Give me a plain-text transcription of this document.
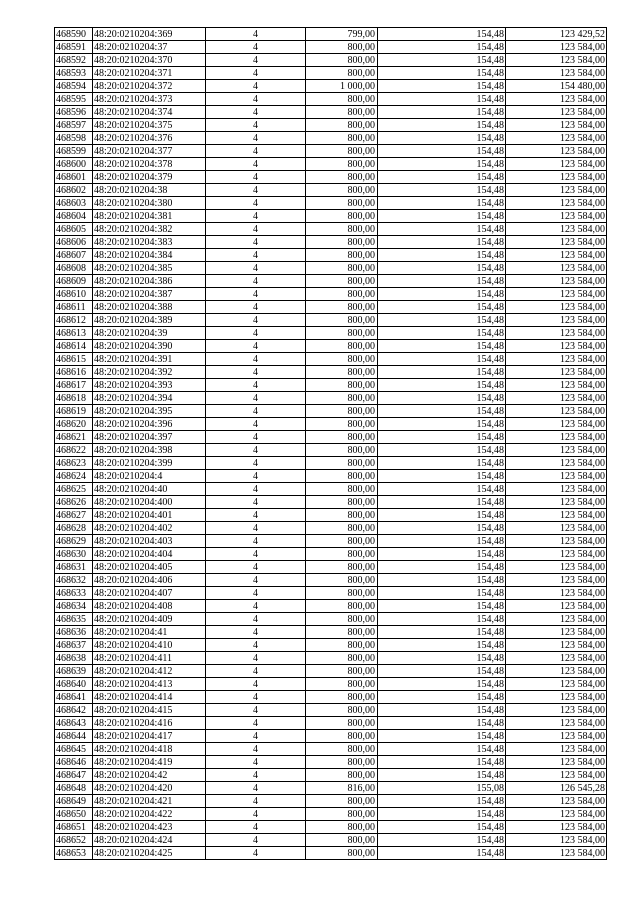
468590	48:20:0210204:369	4	799,00	154,48	123 429,52
468591	48:20:0210204:37	4	800,00	154,48	123 584,00
468592	48:20:0210204:370	4	800,00	154,48	123 584,00
468593	48:20:0210204:371	4	800,00	154,48	123 584,00
468594	48:20:0210204:372	4	1 000,00	154,48	154 480,00
468595	48:20:0210204:373	4	800,00	154,48	123 584,00
468596	48:20:0210204:374	4	800,00	154,48	123 584,00
468597	48:20:0210204:375	4	800,00	154,48	123 584,00
468598	48:20:0210204:376	4	800,00	154,48	123 584,00
468599	48:20:0210204:377	4	800,00	154,48	123 584,00
468600	48:20:0210204:378	4	800,00	154,48	123 584,00
468601	48:20:0210204:379	4	800,00	154,48	123 584,00
468602	48:20:0210204:38	4	800,00	154,48	123 584,00
468603	48:20:0210204:380	4	800,00	154,48	123 584,00
468604	48:20:0210204:381	4	800,00	154,48	123 584,00
468605	48:20:0210204:382	4	800,00	154,48	123 584,00
468606	48:20:0210204:383	4	800,00	154,48	123 584,00
468607	48:20:0210204:384	4	800,00	154,48	123 584,00
468608	48:20:0210204:385	4	800,00	154,48	123 584,00
468609	48:20:0210204:386	4	800,00	154,48	123 584,00
468610	48:20:0210204:387	4	800,00	154,48	123 584,00
468611	48:20:0210204:388	4	800,00	154,48	123 584,00
468612	48:20:0210204:389	4	800,00	154,48	123 584,00
468613	48:20:0210204:39	4	800,00	154,48	123 584,00
468614	48:20:0210204:390	4	800,00	154,48	123 584,00
468615	48:20:0210204:391	4	800,00	154,48	123 584,00
468616	48:20:0210204:392	4	800,00	154,48	123 584,00
468617	48:20:0210204:393	4	800,00	154,48	123 584,00
468618	48:20:0210204:394	4	800,00	154,48	123 584,00
468619	48:20:0210204:395	4	800,00	154,48	123 584,00
468620	48:20:0210204:396	4	800,00	154,48	123 584,00
468621	48:20:0210204:397	4	800,00	154,48	123 584,00
468622	48:20:0210204:398	4	800,00	154,48	123 584,00
468623	48:20:0210204:399	4	800,00	154,48	123 584,00
468624	48:20:0210204:4	4	800,00	154,48	123 584,00
468625	48:20:0210204:40	4	800,00	154,48	123 584,00
468626	48:20:0210204:400	4	800,00	154,48	123 584,00
468627	48:20:0210204:401	4	800,00	154,48	123 584,00
468628	48:20:0210204:402	4	800,00	154,48	123 584,00
468629	48:20:0210204:403	4	800,00	154,48	123 584,00
468630	48:20:0210204:404	4	800,00	154,48	123 584,00
468631	48:20:0210204:405	4	800,00	154,48	123 584,00
468632	48:20:0210204:406	4	800,00	154,48	123 584,00
468633	48:20:0210204:407	4	800,00	154,48	123 584,00
468634	48:20:0210204:408	4	800,00	154,48	123 584,00
468635	48:20:0210204:409	4	800,00	154,48	123 584,00
468636	48:20:0210204:41	4	800,00	154,48	123 584,00
468637	48:20:0210204:410	4	800,00	154,48	123 584,00
468638	48:20:0210204:411	4	800,00	154,48	123 584,00
468639	48:20:0210204:412	4	800,00	154,48	123 584,00
468640	48:20:0210204:413	4	800,00	154,48	123 584,00
468641	48:20:0210204:414	4	800,00	154,48	123 584,00
468642	48:20:0210204:415	4	800,00	154,48	123 584,00
468643	48:20:0210204:416	4	800,00	154,48	123 584,00
468644	48:20:0210204:417	4	800,00	154,48	123 584,00
468645	48:20:0210204:418	4	800,00	154,48	123 584,00
468646	48:20:0210204:419	4	800,00	154,48	123 584,00
468647	48:20:0210204:42	4	800,00	154,48	123 584,00
468648	48:20:0210204:420	4	816,00	155,08	126 545,28
468649	48:20:0210204:421	4	800,00	154,48	123 584,00
468650	48:20:0210204:422	4	800,00	154,48	123 584,00
468651	48:20:0210204:423	4	800,00	154,48	123 584,00
468652	48:20:0210204:424	4	800,00	154,48	123 584,00
468653	48:20:0210204:425	4	800,00	154,48	123 584,00
